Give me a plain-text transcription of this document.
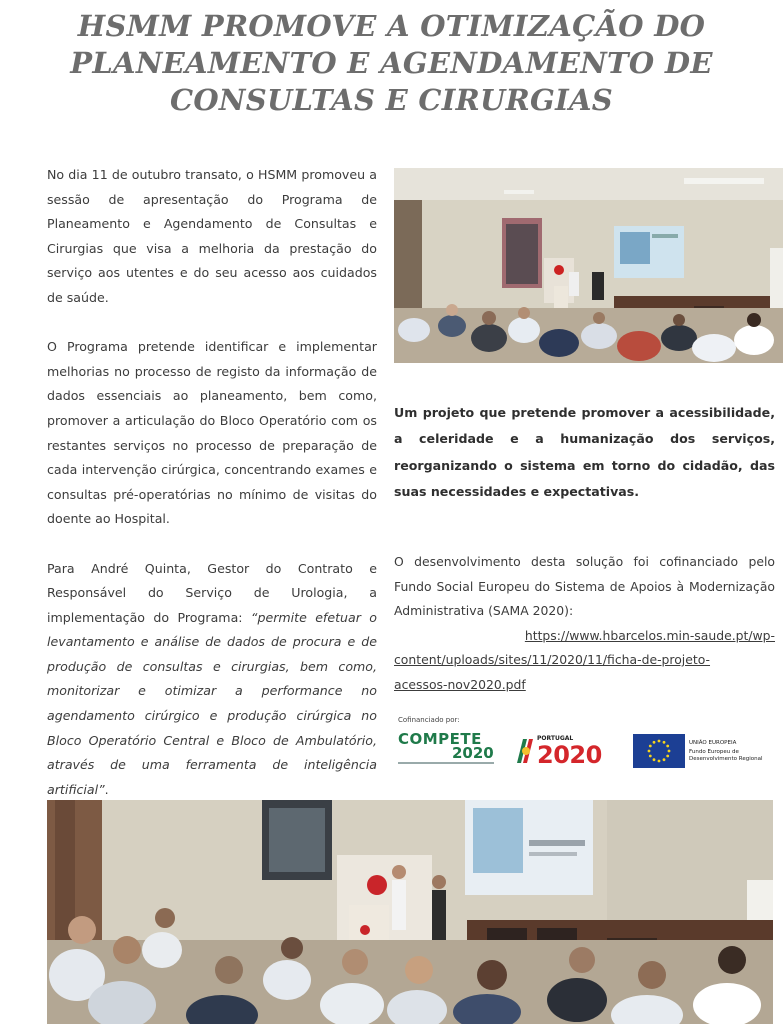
HSMM PROMOVE A OTIMIZAÇÃO DO
PLANEAMENTO E AGENDAMENTO DE
CONSULTAS E CIRURGIAS

No dia 11 de outubro transato, o HSMM promoveu a sessão de apresentação do Programa de Planeamento e Agendamento de Consultas e Cirurgias que visa a melhoria da prestação do serviço aos utentes e do seu acesso aos cuidados de saúde.

O Programa pretende identificar e implementar melhorias no processo de registo da informação de dados essenciais ao planeamento, bem como, promover a articulação do Bloco Operatório com os restantes serviços no processo de preparação de cada intervenção cirúrgica, concentrando exames e consultas pré-operatórias no mínimo de visitas do doente ao Hospital.

Para André Quinta, Gestor do Contrato e Responsável do Serviço de Urologia, a implementação do Programa: “permite efetuar o levantamento e análise de dados de procura e de produção de consultas e cirurgias, bem como, monitorizar e otimizar a performance no agendamento cirúrgico e produção cirúrgica no Bloco Operatório Central e Bloco de Ambulatório, através de uma ferramenta de inteligência artificial”.

Um projeto que pretende promover a acessibilidade, a celeridade e a humanização dos serviços, reorganizando o sistema em torno do cidadão, das suas necessidades e expectativas.
O desenvolvimento desta solução foi cofinanciado pelo Fundo Social Europeu do Sistema de Apoios à Modernização Administrativa (SAMA 2020):
https://www.hbarcelos.min-saude.pt/wp-
content/uploads/sites/11/2020/11/ficha-de-projeto-
acessos-nov2020.pdf
Cofinanciado por:
COMPETE
2020
PORTUGAL
2020	UNIÃO EUROPEIA
Fundo Europeu de Desenvolvimento Regional
